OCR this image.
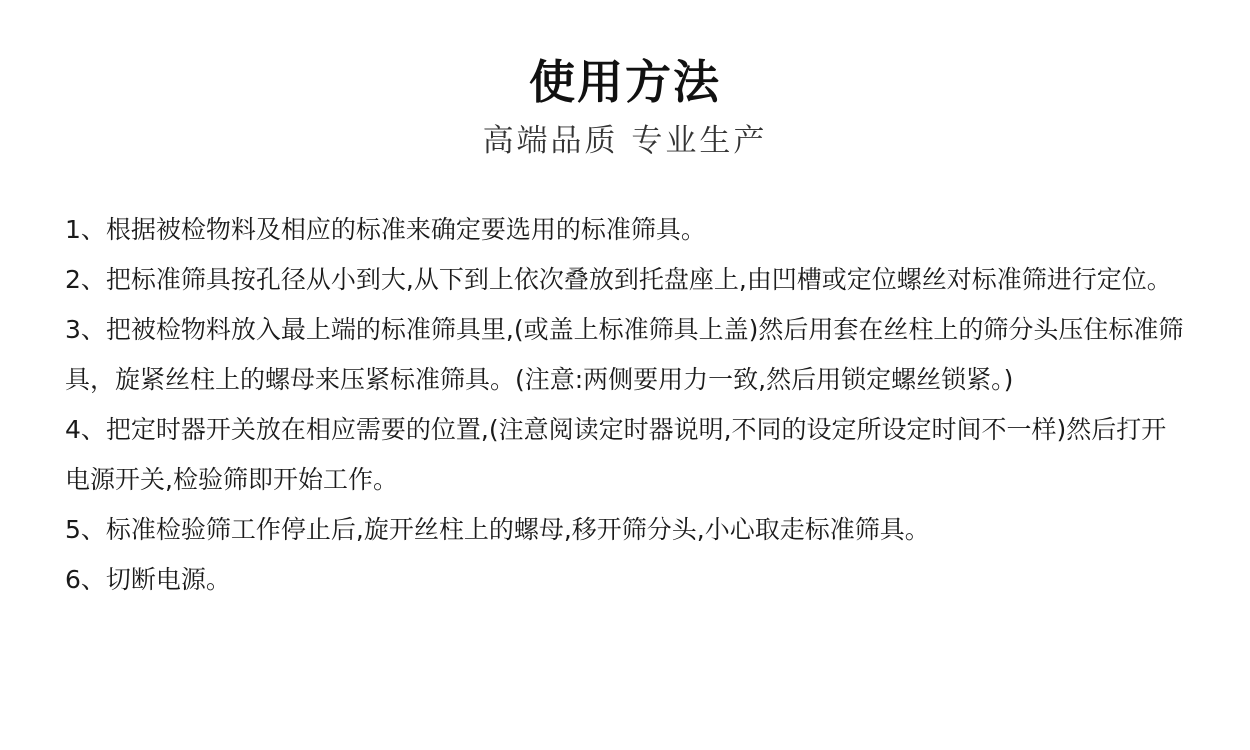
使用方法
高端品质 专业生产
1、根据被检物料及相应的标准来确定要选用的标准筛具。
2、把标准筛具按孔径从小到大,从下到上依次叠放到托盘座上,由凹槽或定位螺丝对标准筛进行定位。
3、把被检物料放入最上端的标准筛具里,(或盖上标准筛具上盖)然后用套在丝柱上的筛分头压住标准筛具，旋紧丝柱上的螺母来压紧标准筛具。(注意:两侧要用力一致,然后用锁定螺丝锁紧。)
4、把定时器开关放在相应需要的位置,(注意阅读定时器说明,不同的设定所设定时间不一样)然后打开电源开关,检验筛即开始工作。
5、标准检验筛工作停止后,旋开丝柱上的螺母,移开筛分头,小心取走标准筛具。
6、切断电源。
